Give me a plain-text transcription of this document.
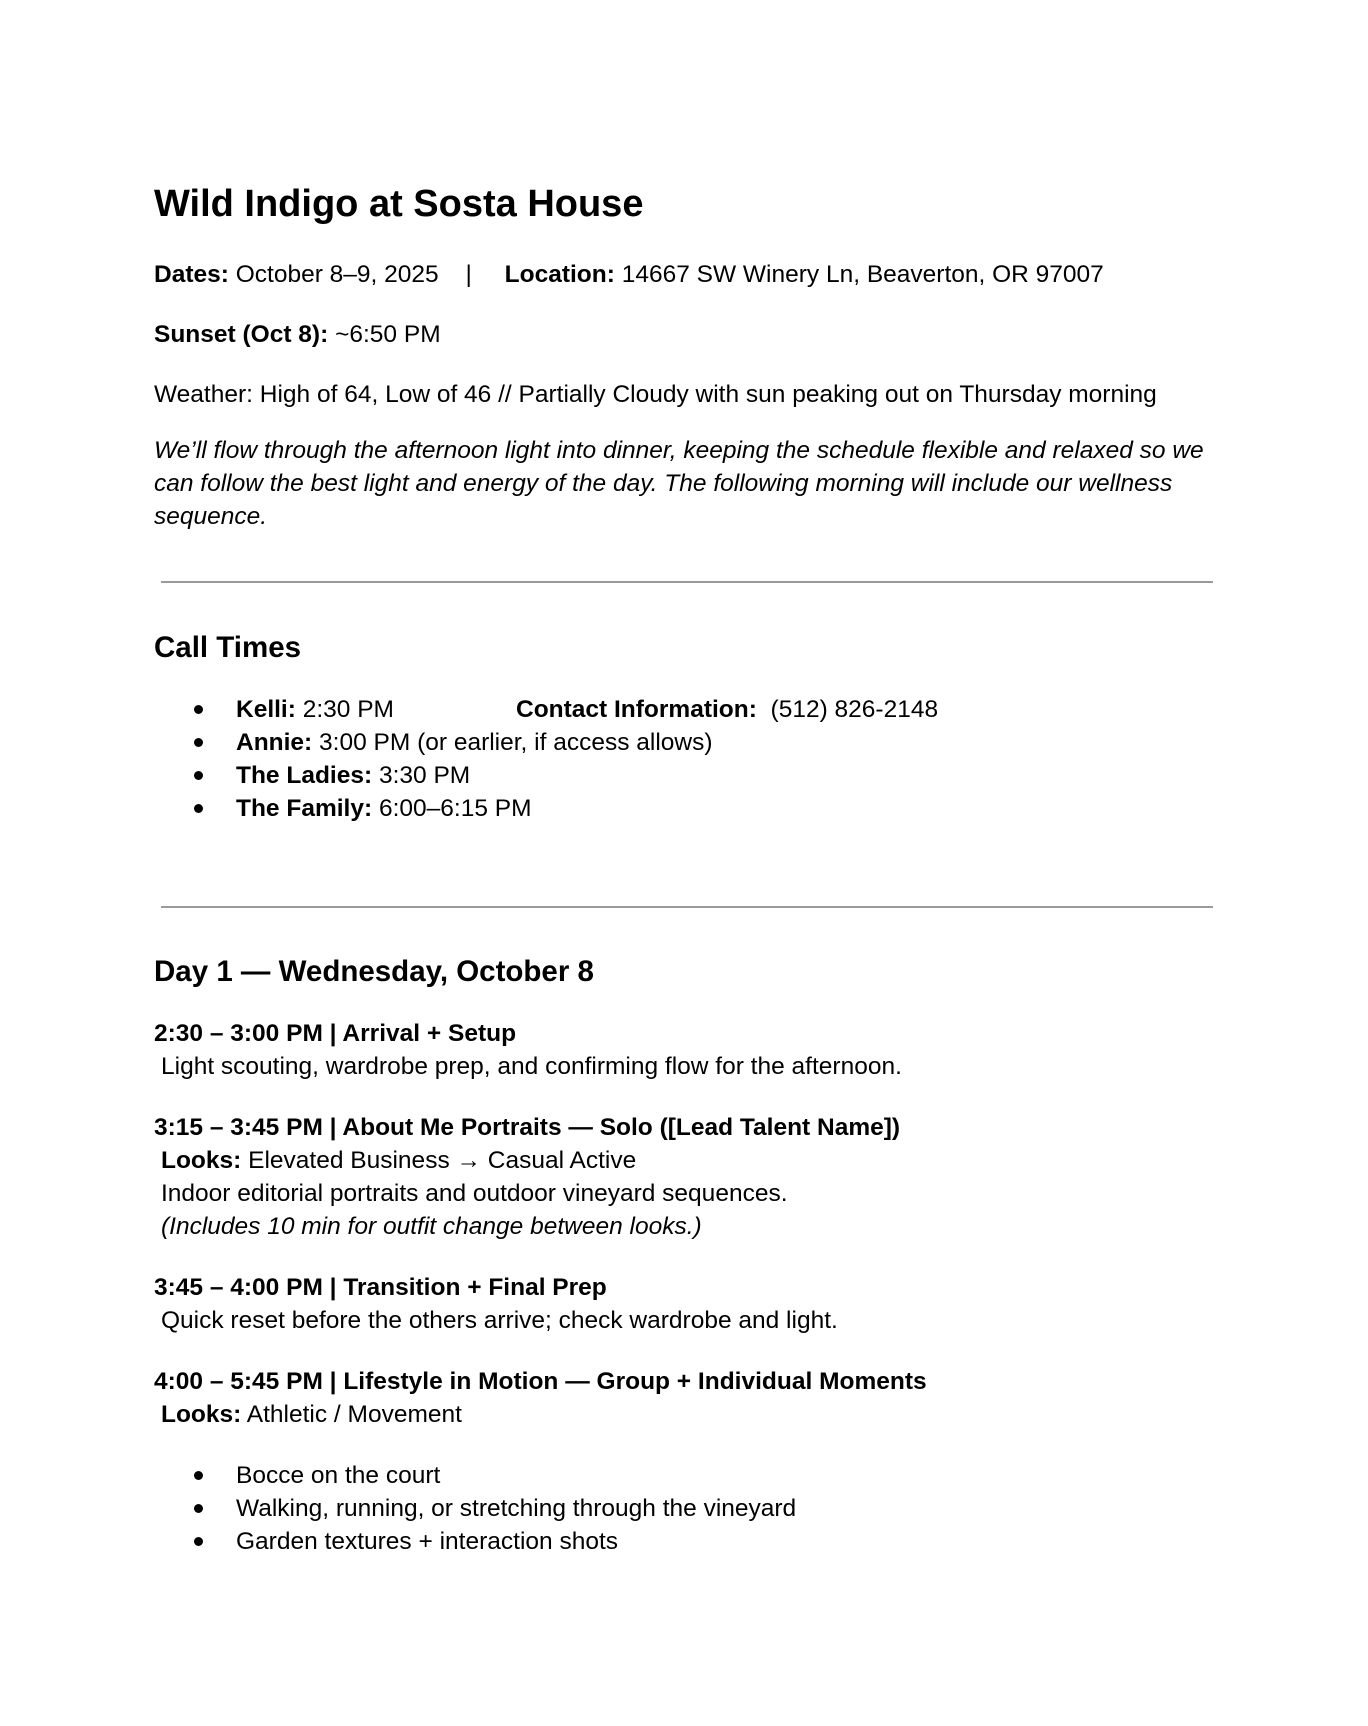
Wild Indigo at Sosta House

Dates: October 8–9, 2025 | Location: 14667 SW Winery Ln, Beaverton, OR 97007

Sunset (Oct 8): ~6:50 PM

Weather: High of 64, Low of 46 // Partially Cloudy with sun peaking out on Thursday morning

We’ll flow through the afternoon light into dinner, keeping the schedule flexible and relaxed so we can follow the best light and energy of the day. The following morning will include our wellness sequence.

Call Times
Kelli: 2:30 PM	Contact Information: (512) 826-2148
Annie: 3:00 PM (or earlier, if access allows)
The Ladies: 3:30 PM
The Family: 6:00–6:15 PM
Day 1 — Wednesday, October 8

2:30 – 3:00 PM | Arrival + Setup

Light scouting, wardrobe prep, and confirming flow for the afternoon.

3:15 – 3:45 PM | About Me Portraits — Solo ([Lead Talent Name])

Looks: Elevated Business → Casual Active

Indoor editorial portraits and outdoor vineyard sequences.

(Includes 10 min for outfit change between looks.)

3:45 – 4:00 PM | Transition + Final Prep

Quick reset before the others arrive; check wardrobe and light.

4:00 – 5:45 PM | Lifestyle in Motion — Group + Individual Moments

Looks: Athletic / Movement

Bocce on the court
Walking, running, or stretching through the vineyard
Garden textures + interaction shots
